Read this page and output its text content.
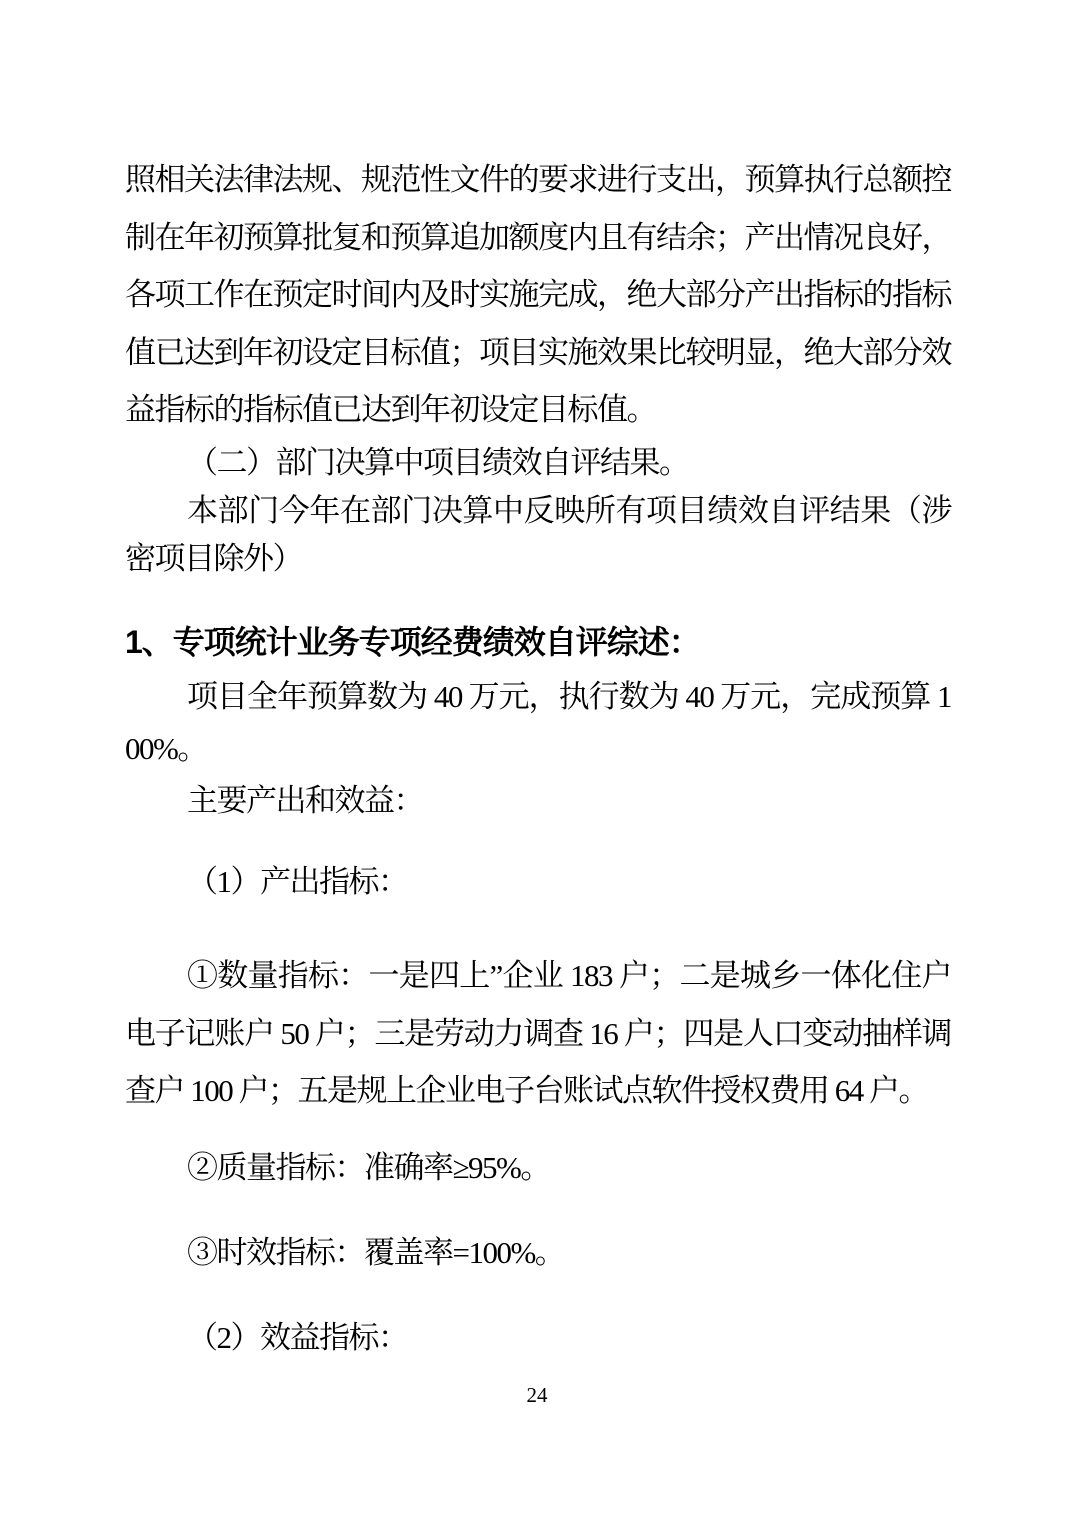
照相关法律法规、规范性文件的要求进行支出，预算执行总额控制在年初预算批复和预算追加额度内且有结余；产出情况良好，各项工作在预定时间内及时实施完成，绝大部分产出指标的指标值已达到年初设定目标值；项目实施效果比较明显，绝大部分效益指标的指标值已达到年初设定目标值。

（二）部门决算中项目绩效自评结果。

本部门今年在部门决算中反映所有项目绩效自评结果（涉密项目除外）

1、专项统计业务专项经费绩效自评综述：

项目全年预算数为 40 万元，执行数为 40 万元，完成预算 100%。

主要产出和效益：

（1）产出指标：

①数量指标：一是四上”企业 183 户；二是城乡一体化住户电子记账户 50 户；三是劳动力调查 16 户；四是人口变动抽样调查户 100 户；五是规上企业电子台账试点软件授权费用 64 户。

②质量指标：准确率≥95%。

③时效指标：覆盖率=100%。

（2）效益指标：

24
